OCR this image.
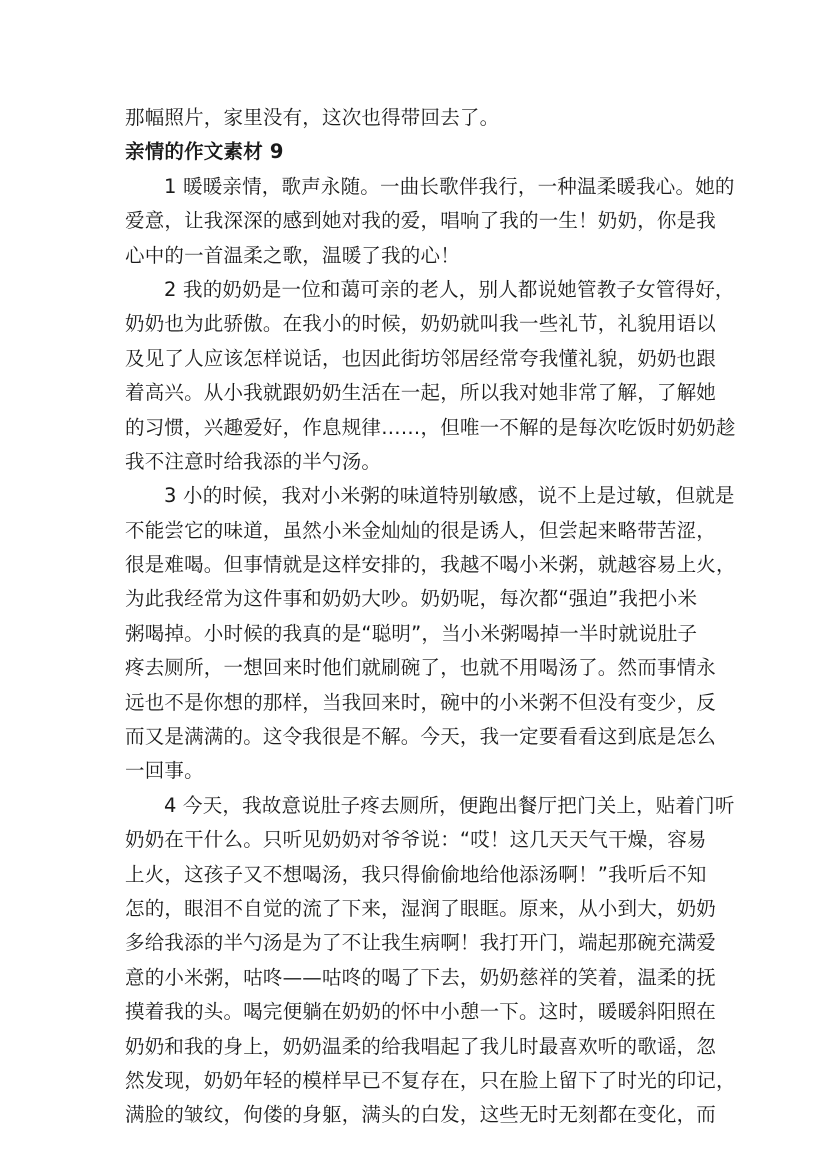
那幅照片，家里没有，这次也得带回去了。
亲情的作文素材 9
1 暖暖亲情，歌声永随。一曲长歌伴我行，一种温柔暖我心。她的
爱意，让我深深的感到她对我的爱，唱响了我的一生！奶奶，你是我
心中的一首温柔之歌，温暖了我的心！
2 我的奶奶是一位和蔼可亲的老人，别人都说她管教子女管得好，
奶奶也为此骄傲。在我小的时候，奶奶就叫我一些礼节，礼貌用语以
及见了人应该怎样说话，也因此街坊邻居经常夸我懂礼貌，奶奶也跟
着高兴。从小我就跟奶奶生活在一起，所以我对她非常了解，了解她
的习惯，兴趣爱好，作息规律……，但唯一不解的是每次吃饭时奶奶趁
我不注意时给我添的半勺汤。
3 小的时候，我对小米粥的味道特别敏感，说不上是过敏，但就是
不能尝它的味道，虽然小米金灿灿的很是诱人，但尝起来略带苦涩，
很是难喝。但事情就是这样安排的，我越不喝小米粥，就越容易上火，
为此我经常为这件事和奶奶大吵。奶奶呢，每次都“强迫”我把小米
粥喝掉。小时候的我真的是“聪明”，当小米粥喝掉一半时就说肚子
疼去厕所，一想回来时他们就刷碗了，也就不用喝汤了。然而事情永
远也不是你想的那样，当我回来时，碗中的小米粥不但没有变少，反
而又是满满的。这令我很是不解。今天，我一定要看看这到底是怎么
一回事。
4 今天，我故意说肚子疼去厕所，便跑出餐厅把门关上，贴着门听
奶奶在干什么。只听见奶奶对爷爷说：“哎！这几天天气干燥，容易
上火，这孩子又不想喝汤，我只得偷偷地给他添汤啊！”我听后不知
怎的，眼泪不自觉的流了下来，湿润了眼眶。原来，从小到大，奶奶
多给我添的半勺汤是为了不让我生病啊！我打开门，端起那碗充满爱
意的小米粥，咕咚——咕咚的喝了下去，奶奶慈祥的笑着，温柔的抚
摸着我的头。喝完便躺在奶奶的怀中小憩一下。这时，暖暖斜阳照在
奶奶和我的身上，奶奶温柔的给我唱起了我儿时最喜欢听的歌谣，忽
然发现，奶奶年轻的模样早已不复存在，只在脸上留下了时光的印记，
满脸的皱纹，佝偻的身躯，满头的白发，这些无时无刻都在变化，而
